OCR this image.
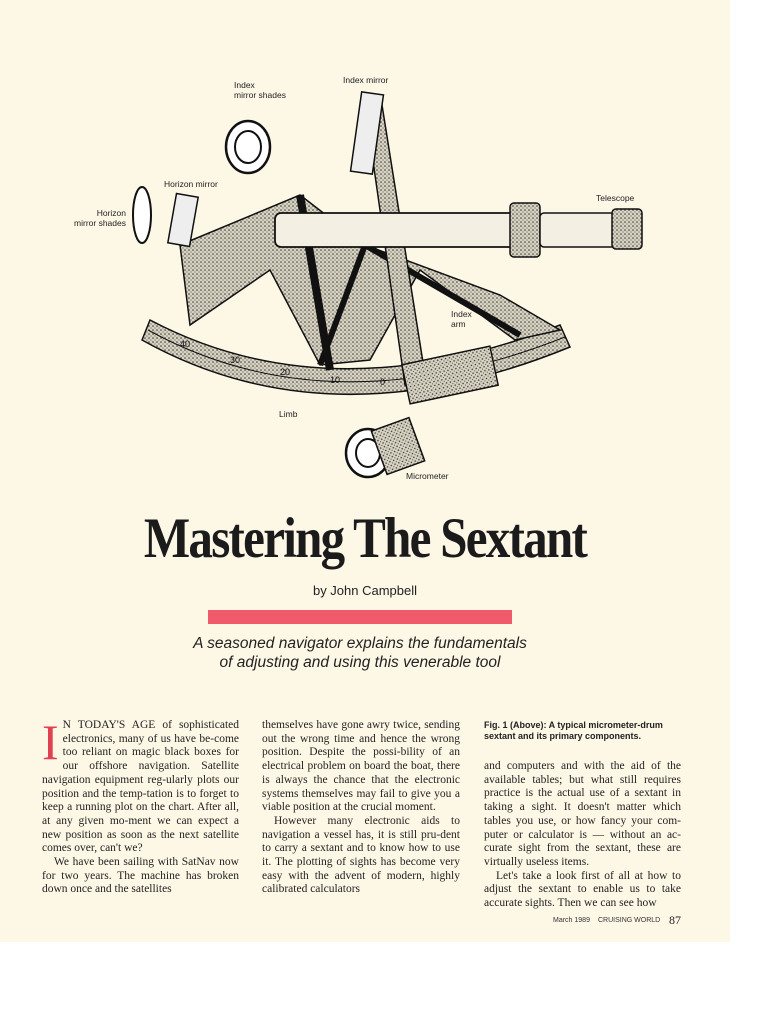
40
30
20
10	0
Index
mirror shades
Index mirror
Horizon mirror
Horizon
mirror shades
Telescope
Index
arm
Limb
Micrometer
Mastering The Sextant
by John Campbell
A seasoned navigator explains the fundamentals of adjusting and using this venerable tool

I N TODAY'S AGE of sophisticated electronics, many of us have be-come too reliant on magic black boxes for our offshore navigation. Satellite navigation equipment reg-ularly plots our position and the temp-tation is to forget to keep a running plot on the chart. After all, at any given mo-ment we can expect a new position as soon as the next satellite comes over, can't we?

We have been sailing with SatNav now for two years. The machine has broken down once and the satellites

themselves have gone awry twice, sending out the wrong time and hence the wrong position. Despite the possi-bility of an electrical problem on board the boat, there is always the chance that the electronic systems themselves may fail to give you a viable position at the crucial moment.

However many electronic aids to navigation a vessel has, it is still pru-dent to carry a sextant and to know how to use it. The plotting of sights has become very easy with the advent of modern, highly calibrated calculators

Fig. 1 (Above): A typical micrometer-drum sextant and its primary components.

and computers and with the aid of the available tables; but what still requires practice is the actual use of a sextant in taking a sight. It doesn't matter which tables you use, or how fancy your com-puter or calculator is — without an ac-curate sight from the sextant, these are virtually useless items.

Let's take a look first of all at how to adjust the sextant to enable us to take accurate sights. Then we can see how

March 1989 CRUISING WORLD 87
